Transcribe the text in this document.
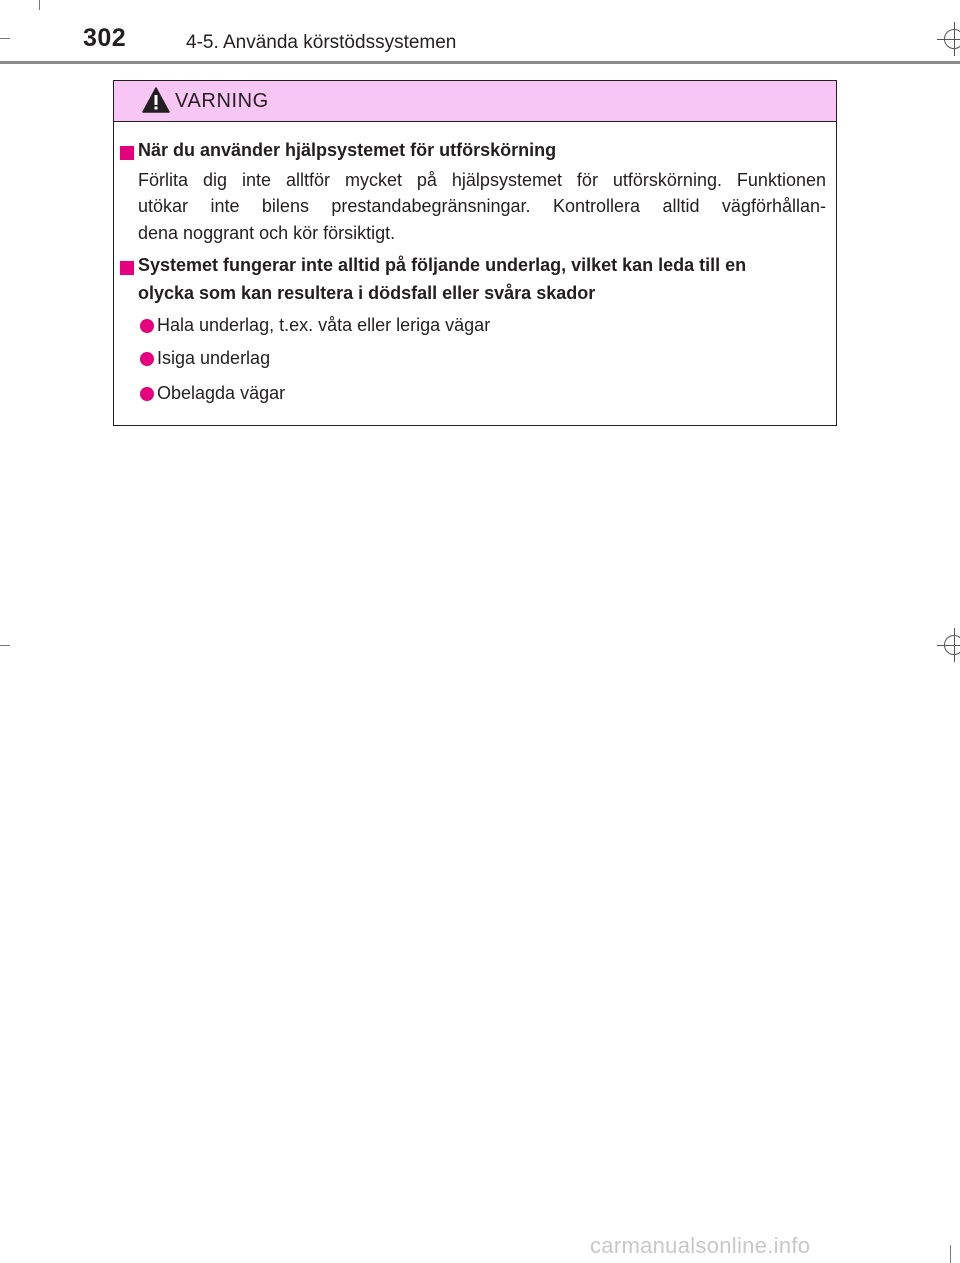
302	4-5. Använda körstödssystemen
VARNING
När du använder hjälpsystemet för utförskörning
Förlita dig inte alltför mycket på hjälpsystemet för utförskörning. Funktionen
utökar inte bilens prestandabegränsningar. Kontrollera alltid vägförhållan-
dena noggrant och kör försiktigt.
Systemet fungerar inte alltid på följande underlag, vilket kan leda till en
olycka som kan resultera i dödsfall eller svåra skador
Hala underlag, t.ex. våta eller leriga vägar
Isiga underlag
Obelagda vägar
carmanualsonline.info
